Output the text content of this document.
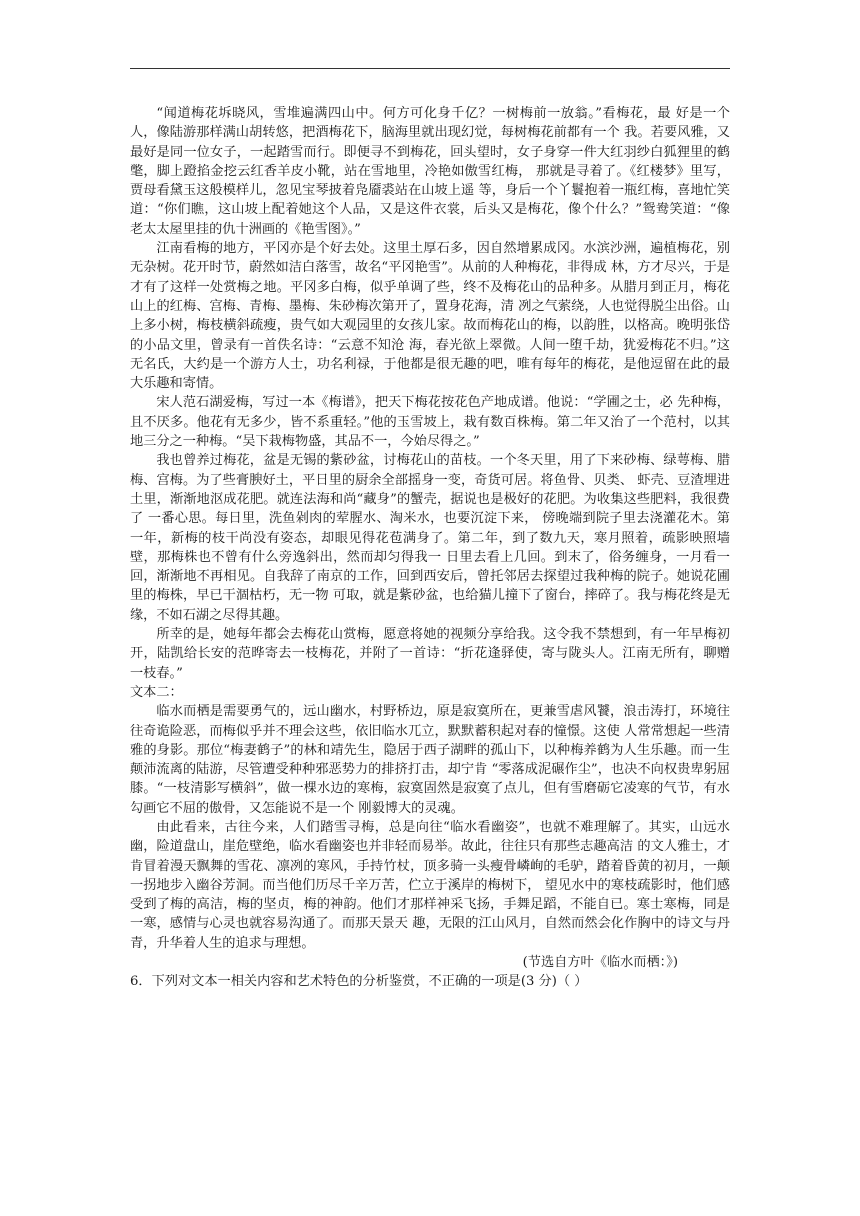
“闻道梅花坼晓风，雪堆遍满四山中。何方可化身千亿？一树梅前一放翁。”看梅花，最 好是一个人，像陆游那样满山胡转悠，把酒梅花下，脑海里就出现幻觉，每树梅花前都有一个 我。若要风雅，又最好是同一位女子，一起踏雪而行。即便寻不到梅花，回头望时，女子身穿一件大红羽纱白狐狸里的鹤氅，脚上蹬掐金挖云红香羊皮小靴，站在雪地里，冷艳如傲雪红梅， 那就是寻着了。《红楼梦》里写，贾母看黛玉这般模样儿，忽见宝琴披着凫靥裘站在山坡上遥 等，身后一个丫鬟抱着一瓶红梅，喜地忙笑道：“你们瞧，这山坡上配着她这个人品，又是这件衣裳，后头又是梅花，像个什么？”鸳鸯笑道：“像老太太屋里挂的仇十洲画的《艳雪图》。”

江南看梅的地方，平冈亦是个好去处。这里土厚石多，因自然增累成冈。水滨沙洲，遍植梅花，别无杂树。花开时节，蔚然如洁白落雪，故名“平冈艳雪”。从前的人种梅花，非得成 林，方才尽兴，于是才有了这样一处赏梅之地。平冈多白梅，似乎单调了些，终不及梅花山的品种多。从腊月到正月，梅花山上的红梅、宫梅、青梅、墨梅、朱砂梅次第开了，置身花海，清 冽之气萦绕，人也觉得脱尘出俗。山上多小树，梅枝横斜疏瘦，贵气如大观园里的女孩儿家。故而梅花山的梅，以韵胜，以格高。晚明张岱的小品文里，曾录有一首佚名诗：“云意不知沧 海，春光欲上翠微。人间一堕千劫，犹爱梅花不归。”这无名氏，大约是一个游方人士，功名利禄，于他都是很无趣的吧，唯有每年的梅花，是他逗留在此的最大乐趣和寄情。

宋人范石湖爱梅，写过一本《梅谱》，把天下梅花按花色产地成谱。他说：“学圃之士，必 先种梅，且不厌多。他花有无多少，皆不系重轻。”他的玉雪坡上，栽有数百株梅。第二年又治了一个范村，以其地三分之一种梅。“吴下栽梅物盛，其品不一，今始尽得之。”

我也曾养过梅花，盆是无锡的紫砂盆，讨梅花山的苗枝。一个冬天里，用了下来砂梅、绿萼梅、腊梅、宫梅。为了些膏腴好土，平日里的厨余全部摇身一变，奇货可居。将鱼骨、贝类、 虾壳、豆渣埋进土里，渐渐地沤成花肥。就连法海和尚“藏身”的蟹壳，据说也是极好的花肥。为收集这些肥料，我很费了 一番心思。每日里，洗鱼剁肉的荤腥水、淘米水，也要沉淀下来， 傍晚端到院子里去浇灌花木。第一年，新梅的枝干尚没有姿态，却眼见得花苞满身了。第二年，到了数九天，寒月照着，疏影映照墙壁，那梅株也不曾有什么旁逸斜出，然而却匀得我一 日里去看上几回。到末了，俗务缠身，一月看一回，渐渐地不再相见。自我辞了南京的工作，回到西安后，曾托邻居去探望过我种梅的院子。她说花圃里的梅株，早已干涸枯朽，无一物 可取，就是紫砂盆，也给猫儿撞下了窗台，摔碎了。我与梅花终是无缘，不如石湖之尽得其趣。

所幸的是，她每年都会去梅花山赏梅，愿意将她的视频分享给我。这令我不禁想到，有一年早梅初开，陆凯给长安的范晔寄去一枝梅花，并附了一首诗：“折花逢驿使，寄与陇头人。江南无所有，聊赠一枝春。”

文本二：

临水而栖是需要勇气的，远山幽水，村野桥边，原是寂寞所在，更兼雪虐风饕，浪击涛打，环境往往奇诡险恶，而梅似乎并不理会这些，依旧临水兀立，默默蓄积起对春的憧憬。这使 人常常想起一些清雅的身影。那位“梅妻鹤子”的林和靖先生，隐居于西子湖畔的孤山下，以种梅养鹤为人生乐趣。而一生颠沛流离的陆游，尽管遭受种种邪恶势力的排挤打击，却宁肯 “零落成泥碾作尘”，也决不向权贵卑躬屈膝。“一枝清影写横斜”，做一棵水边的寒梅，寂寞固然是寂寞了点儿，但有雪磨砺它凌寒的气节，有水勾画它不屈的傲骨，又怎能说不是一个 刚毅博大的灵魂。

由此看来，古往今来，人们踏雪寻梅，总是向往“临水看幽姿”，也就不难理解了。其实，山远水幽，险道盘山，崖危壁绝，临水看幽姿也并非轻而易举。故此，往往只有那些志趣高洁 的文人雅士，才肯冒着漫天飘舞的雪花、凛冽的寒风，手持竹杖，顶多骑一头瘦骨嶙峋的毛驴，踏着昏黄的初月，一颠一拐地步入幽谷芳洞。而当他们历尽千辛万苦，伫立于溪岸的梅树下， 望见水中的寒枝疏影时，他们感受到了梅的高洁，梅的坚贞，梅的神韵。他们才那样神采飞扬，手舞足蹈，不能自已。寒士寒梅，同是一寒，感情与心灵也就容易沟通了。而那天景天 趣，无限的江山风月，自然而然会化作胸中的诗文与丹青，升华着人生的追求与理想。

(节选自方叶《临水而栖：》)

6．下列对文本一相关内容和艺术特色的分析鉴赏，不正确的一项是(3 分)（ ）
